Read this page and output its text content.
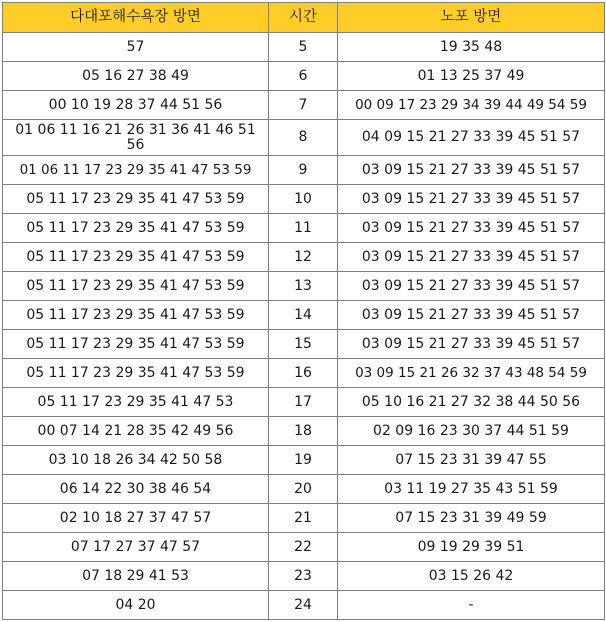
다대포해수욕장 방면	시간	노포 방면
57	5	19 35 48
05 16 27 38 49	6	01 13 25 37 49
00 10 19 28 37 44 51 56	7	00 09 17 23 29 34 39 44 49 54 59
01 06 11 16 21 26 31 36 41 46 51 56	8	04 09 15 21 27 33 39 45 51 57
01 06 11 17 23 29 35 41 47 53 59	9	03 09 15 21 27 33 39 45 51 57
05 11 17 23 29 35 41 47 53 59	10	03 09 15 21 27 33 39 45 51 57
05 11 17 23 29 35 41 47 53 59	11	03 09 15 21 27 33 39 45 51 57
05 11 17 23 29 35 41 47 53 59	12	03 09 15 21 27 33 39 45 51 57
05 11 17 23 29 35 41 47 53 59	13	03 09 15 21 27 33 39 45 51 57
05 11 17 23 29 35 41 47 53 59	14	03 09 15 21 27 33 39 45 51 57
05 11 17 23 29 35 41 47 53 59	15	03 09 15 21 27 33 39 45 51 57
05 11 17 23 29 35 41 47 53 59	16	03 09 15 21 26 32 37 43 48 54 59
05 11 17 23 29 35 41 47 53	17	05 10 16 21 27 32 38 44 50 56
00 07 14 21 28 35 42 49 56	18	02 09 16 23 30 37 44 51 59
03 10 18 26 34 42 50 58	19	07 15 23 31 39 47 55
06 14 22 30 38 46 54	20	03 11 19 27 35 43 51 59
02 10 18 27 37 47 57	21	07 15 23 31 39 49 59
07 17 27 37 47 57	22	09 19 29 39 51
07 18 29 41 53	23	03 15 26 42
04 20	24	-
